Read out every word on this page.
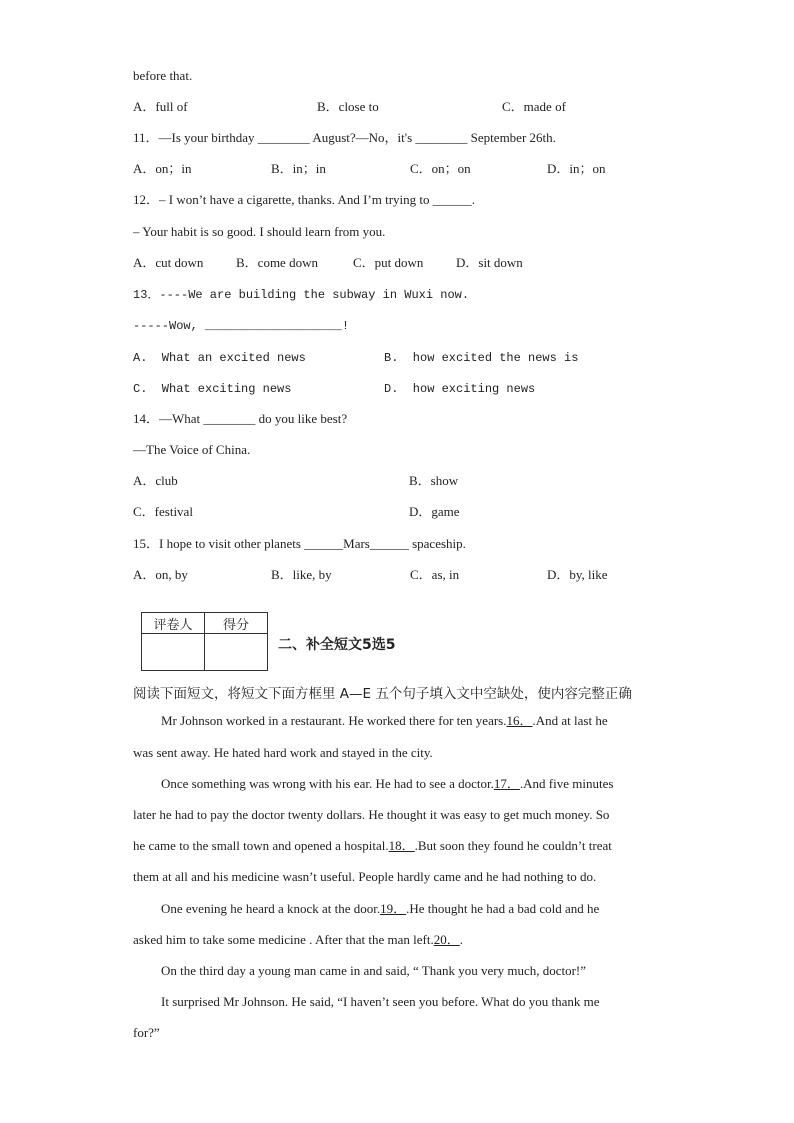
before that.
A．full of	B．close to	C．made of
11．—Is your birthday ________ August?—No，it's ________ September 26th.
A．on；in	B．in；in	C．on；on	D．in；on
12．– I won’t have a cigarette, thanks. And I’m trying to ______.
– Your habit is so good. I should learn from you.
A．cut down	B．come down	C．put down	D．sit down
13．----We are building the subway in Wuxi now.
-----Wow, ___________________!
A.  What an excited news	B.  how excited the news is
C.  What exciting news	D.  how exciting news
14．—What ________ do you like best?
—The Voice of China.
A．club	B．show
C．festival	D．game
15．I hope to visit other planets ______Mars______ spaceship.
A．on, by	B．like, by	C．as, in	D．by, like
评卷人	得分

二、补全短文5选5
阅读下面短文，将短文下面方框里 A—E 五个句子填入文中空缺处，使内容完整正确
Mr Johnson worked in a restaurant. He worked there for ten years.16．.And at last he
was sent away. He hated hard work and stayed in the city.
Once something was wrong with his ear. He had to see a doctor.17．.And five minutes
later he had to pay the doctor twenty dollars. He thought it was easy to get much money. So
he came to the small town and opened a hospital.18．.But soon they found he couldn’t treat
them at all and his medicine wasn’t useful. People hardly came and he had nothing to do.
One evening he heard a knock at the door.19．.He thought he had a bad cold and he
asked him to take some medicine . After that the man left.20．.
On the third day a young man came in and said, “ Thank you very much, doctor!”
It surprised Mr Johnson. He said, “I haven’t seen you before. What do you thank me
for?”
